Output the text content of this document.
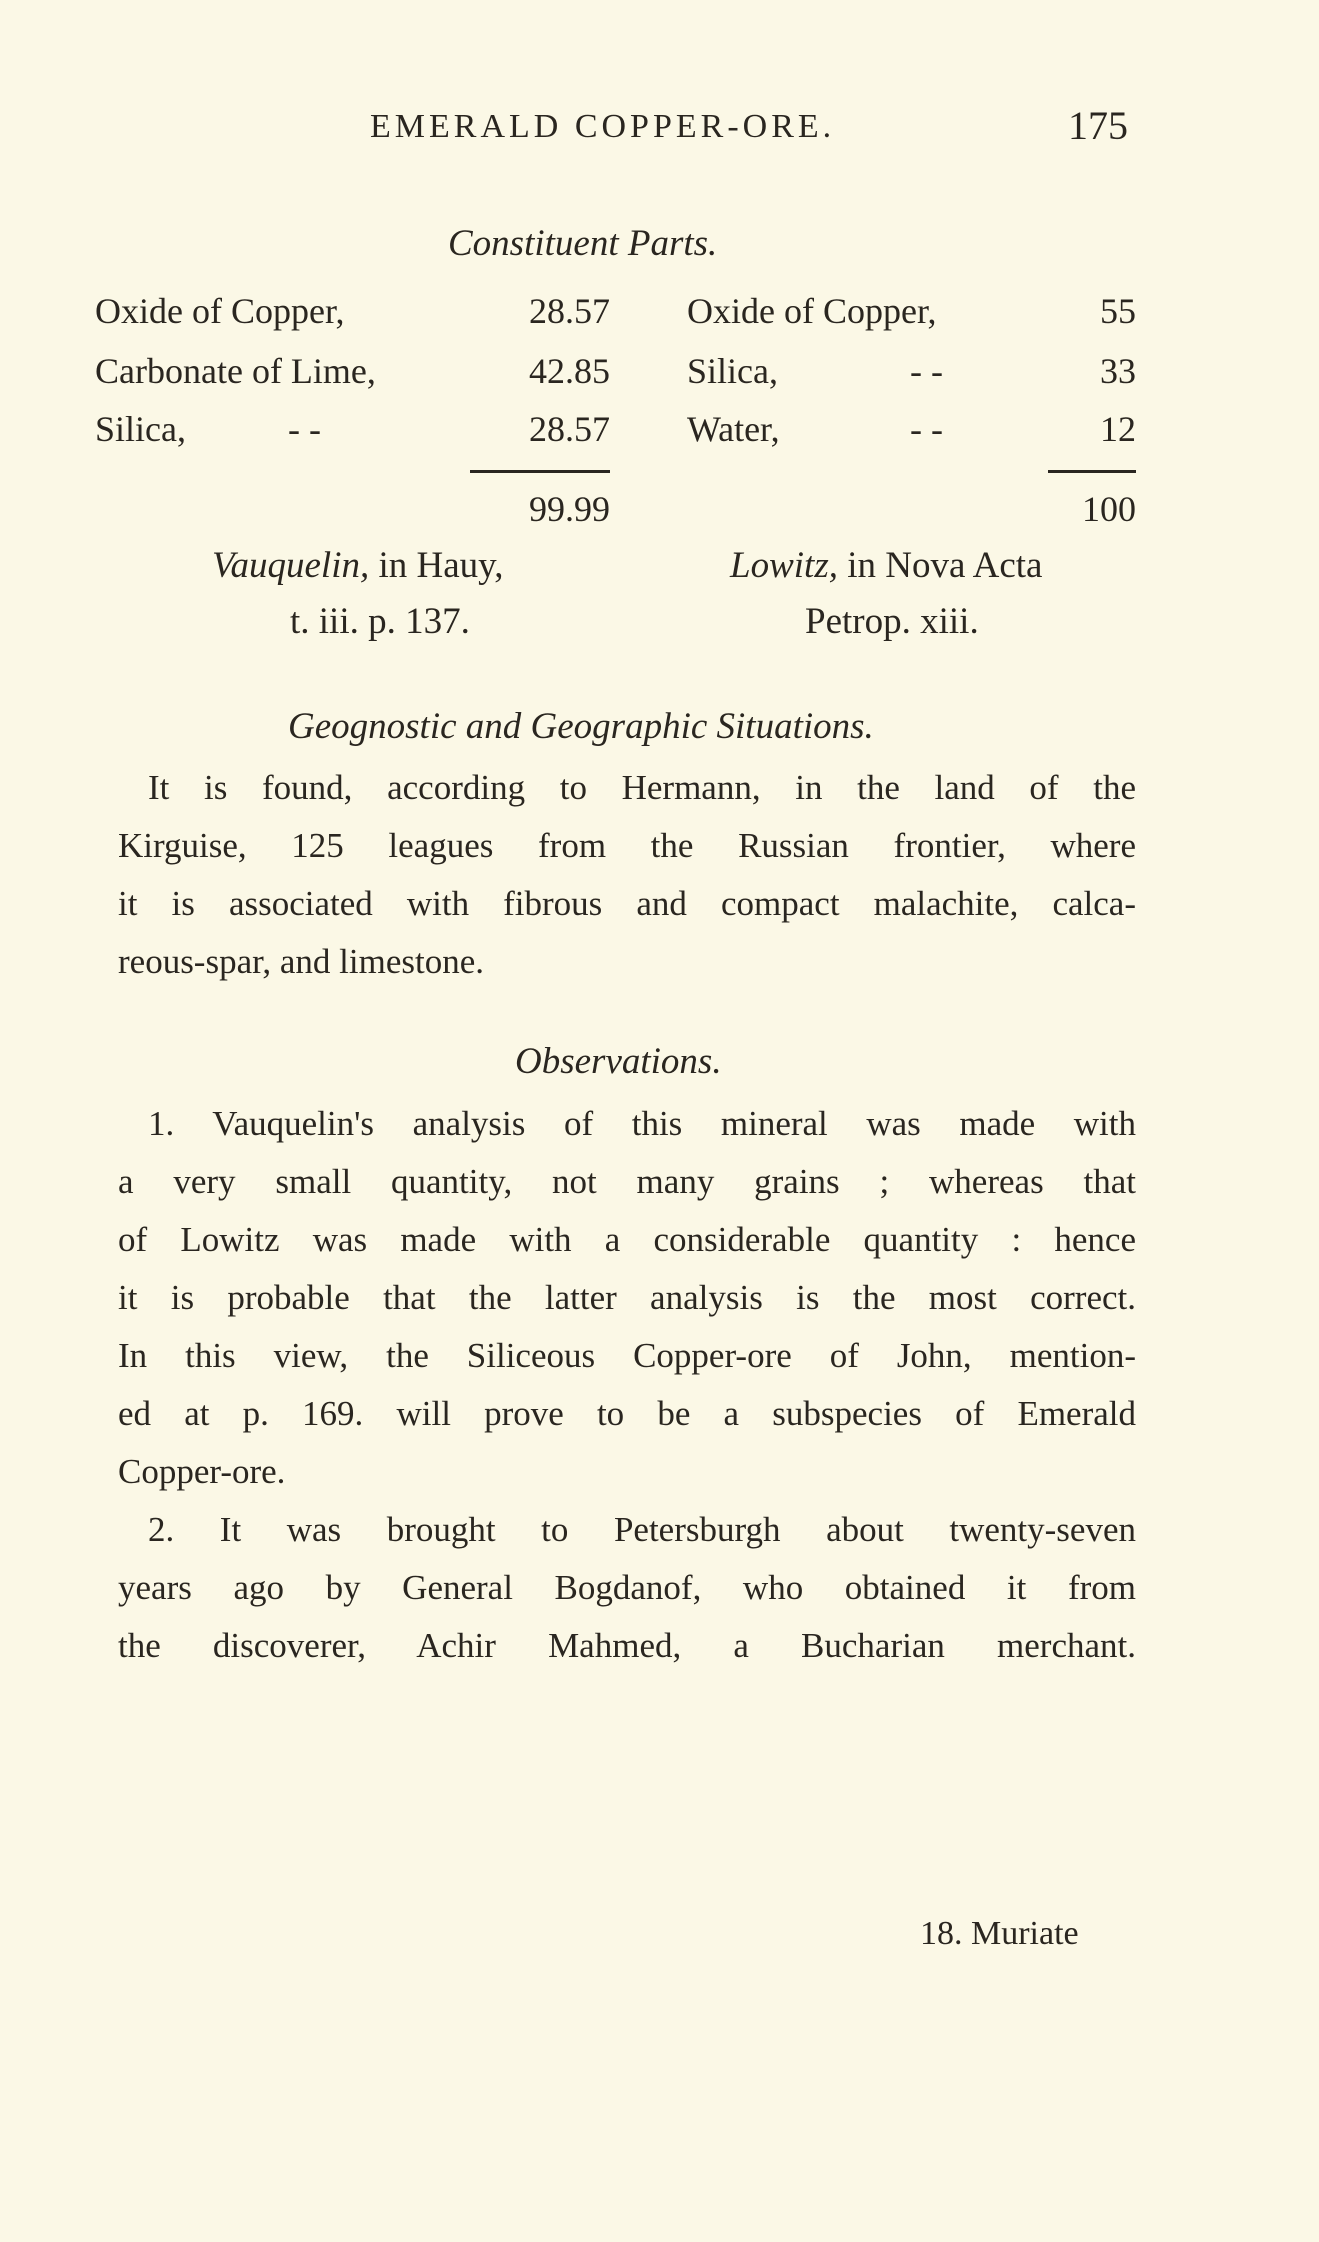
EMERALD COPPER-ORE.	175
Constituent Parts.
Oxide of Copper,	28.57
Carbonate of Lime,	42.85
Silica,	- -	28.57
99.99
Vauquelin, in Hauy,
t. iii. p. 137.
Oxide of Copper,	55
Silica,	- -	33
Water,	- -	12
100
Lowitz, in Nova Acta
Petrop. xiii.
Geognostic and Geographic Situations.
It is found, according to Hermann, in the land of the
Kirguise, 125 leagues from the Russian frontier, where
it is associated with fibrous and compact malachite, calca-
reous-spar, and limestone.
Observations.
1. Vauquelin's analysis of this mineral was made with
a very small quantity, not many grains ; whereas that
of Lowitz was made with a considerable quantity : hence
it is probable that the latter analysis is the most correct.
In this view, the Siliceous Copper-ore of John, mention-
ed at p. 169. will prove to be a subspecies of Emerald
Copper-ore.
2. It was brought to Petersburgh about twenty-seven
years ago by General Bogdanof, who obtained it from
the discoverer, Achir Mahmed, a Bucharian merchant.
18. Muriate
